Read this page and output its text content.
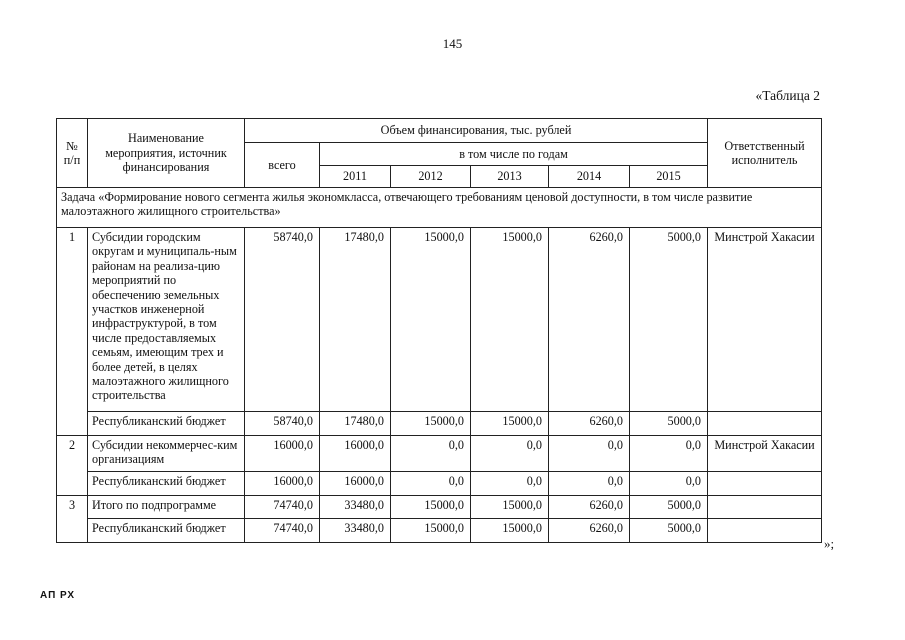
145
«Таблица 2
№ п/п	Наименование мероприятия, источник финансирования	Объем финансирования, тыс. рублей						Ответственный исполнитель
		всего	в том числе по годам					
			2011	2012	2013	2014	2015	
Задача «Формирование нового сегмента жилья экономкласса, отвечающего требованиям ценовой доступности, в том числе развитие малоэтажного жилищного строительства»								
1	Субсидии городским округам и муниципаль-ным районам на реализа-цию мероприятий по обеспечению земельных участков инженерной инфраструктурой, в том числе предоставляемых семьям, имеющим трех и более детей, в целях малоэтажного жилищного строительства	58740,0	17480,0	15000,0	15000,0	6260,0	5000,0	Минстрой Хакасии
	Республиканский бюджет	58740,0	17480,0	15000,0	15000,0	6260,0	5000,0	
2	Субсидии некоммерчес-ким организациям	16000,0	16000,0	0,0	0,0	0,0	0,0	Минстрой Хакасии
	Республиканский бюджет	16000,0	16000,0	0,0	0,0	0,0	0,0	
3	Итого по подпрограмме	74740,0	33480,0	15000,0	15000,0	6260,0	5000,0	
	Республиканский бюджет	74740,0	33480,0	15000,0	15000,0	6260,0	5000,0	
»;
АП РХ
